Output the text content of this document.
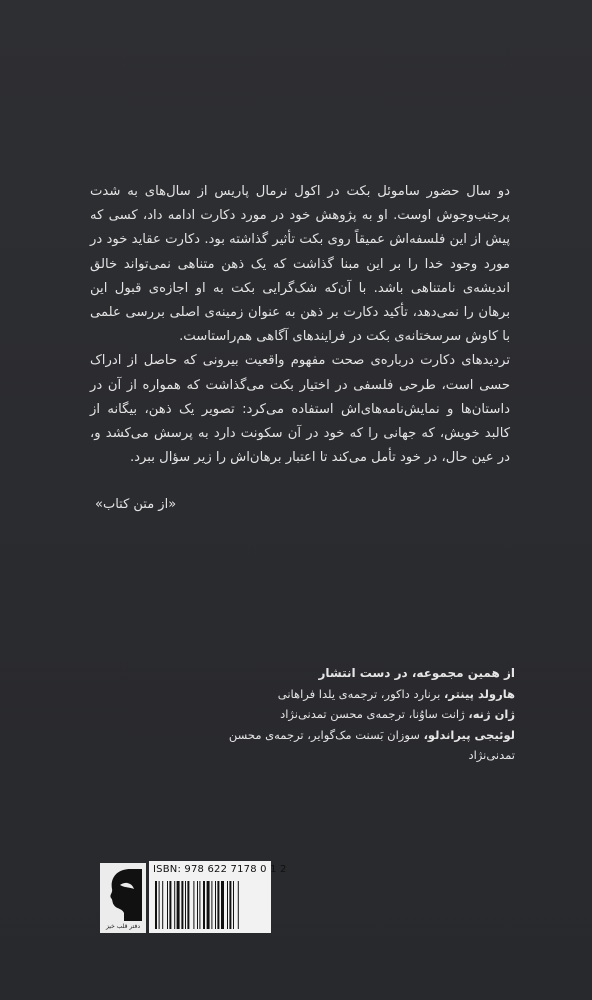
دو سال حضور ساموئل بکت در اکول نرمال پاریس از سال‌های به شدت پرجنب‌وجوش اوست. او به پژوهش خود در مورد دکارت ادامه داد، کسی که پیش از این فلسفه‌اش عمیقاً روی بکت تأثیر گذاشته بود. دکارت عقاید خود در مورد وجود خدا را بر این مبنا گذاشت که یک ذهن متناهی نمی‌تواند خالق اندیشه‌ی نامتناهی باشد. با آن‌که شک‌گرایی بکت به او اجازه‌ی قبول این برهان را نمی‌دهد، تأکید دکارت بر ذهن به عنوان زمینه‌ی اصلی بررسی علمی با کاوش سرسختانه‌ی بکت در فرایندهای آگاهی هم‌راستاست.

تردیدهای دکارت درباره‌ی صحت مفهوم واقعیت بیرونی که حاصل از ادراک حسی است، طرحی فلسفی در اختیار بکت می‌گذاشت که همواره از آن در داستان‌ها و نمایش‌نامه‌های‌اش استفاده می‌کرد: تصویر یک ذهن، بیگانه از کالبد خویش، که جهانی را که خود در آن سکونت دارد به پرسش می‌کشد و، در عین حال، در خود تأمل می‌کند تا اعتبار برهان‌اش را زیر سؤال ببرد.

«از متن کتاب»
از همین مجموعه، در دست انتشار
هارولد پینتر، برنارد داکور، ترجمه‌ی یلدا فراهانی
ژان ژنه، ژانت ساوُنا، ترجمه‌ی محسن تمدنی‌نژاد
لوئیجی پیراندلو، سوزان بَسنت مک‌گوایر، ترجمه‌ی محسن تمدنی‌نژاد
دفتر قلب خیز
ISBN: 978 622 7178 0 1 2
